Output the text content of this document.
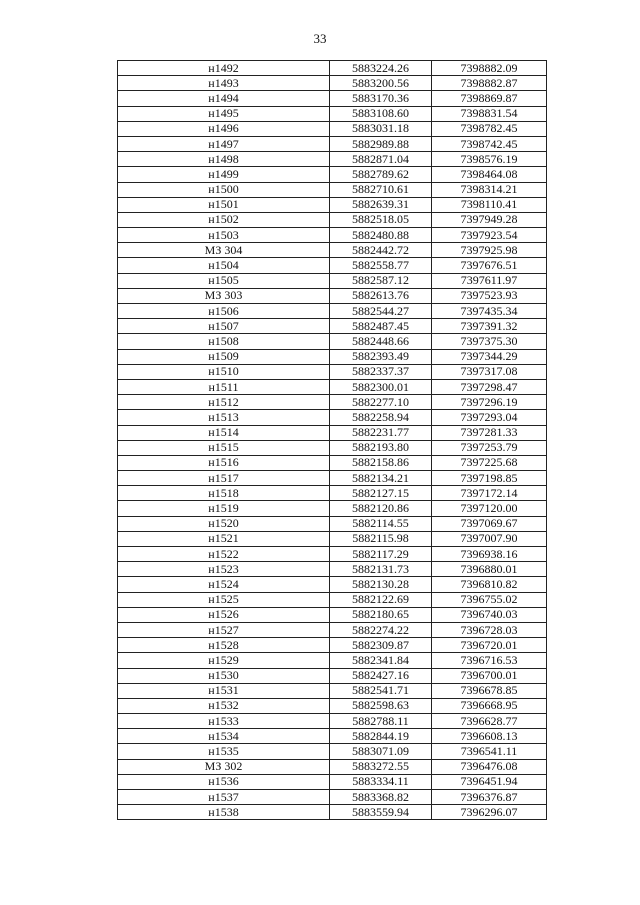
33
н1492	5883224.26	7398882.09
н1493	5883200.56	7398882.87
н1494	5883170.36	7398869.87
н1495	5883108.60	7398831.54
н1496	5883031.18	7398782.45
н1497	5882989.88	7398742.45
н1498	5882871.04	7398576.19
н1499	5882789.62	7398464.08
н1500	5882710.61	7398314.21
н1501	5882639.31	7398110.41
н1502	5882518.05	7397949.28
н1503	5882480.88	7397923.54
МЗ 304	5882442.72	7397925.98
н1504	5882558.77	7397676.51
н1505	5882587.12	7397611.97
МЗ 303	5882613.76	7397523.93
н1506	5882544.27	7397435.34
н1507	5882487.45	7397391.32
н1508	5882448.66	7397375.30
н1509	5882393.49	7397344.29
н1510	5882337.37	7397317.08
н1511	5882300.01	7397298.47
н1512	5882277.10	7397296.19
н1513	5882258.94	7397293.04
н1514	5882231.77	7397281.33
н1515	5882193.80	7397253.79
н1516	5882158.86	7397225.68
н1517	5882134.21	7397198.85
н1518	5882127.15	7397172.14
н1519	5882120.86	7397120.00
н1520	5882114.55	7397069.67
н1521	5882115.98	7397007.90
н1522	5882117.29	7396938.16
н1523	5882131.73	7396880.01
н1524	5882130.28	7396810.82
н1525	5882122.69	7396755.02
н1526	5882180.65	7396740.03
н1527	5882274.22	7396728.03
н1528	5882309.87	7396720.01
н1529	5882341.84	7396716.53
н1530	5882427.16	7396700.01
н1531	5882541.71	7396678.85
н1532	5882598.63	7396668.95
н1533	5882788.11	7396628.77
н1534	5882844.19	7396608.13
н1535	5883071.09	7396541.11
МЗ 302	5883272.55	7396476.08
н1536	5883334.11	7396451.94
н1537	5883368.82	7396376.87
н1538	5883559.94	7396296.07
